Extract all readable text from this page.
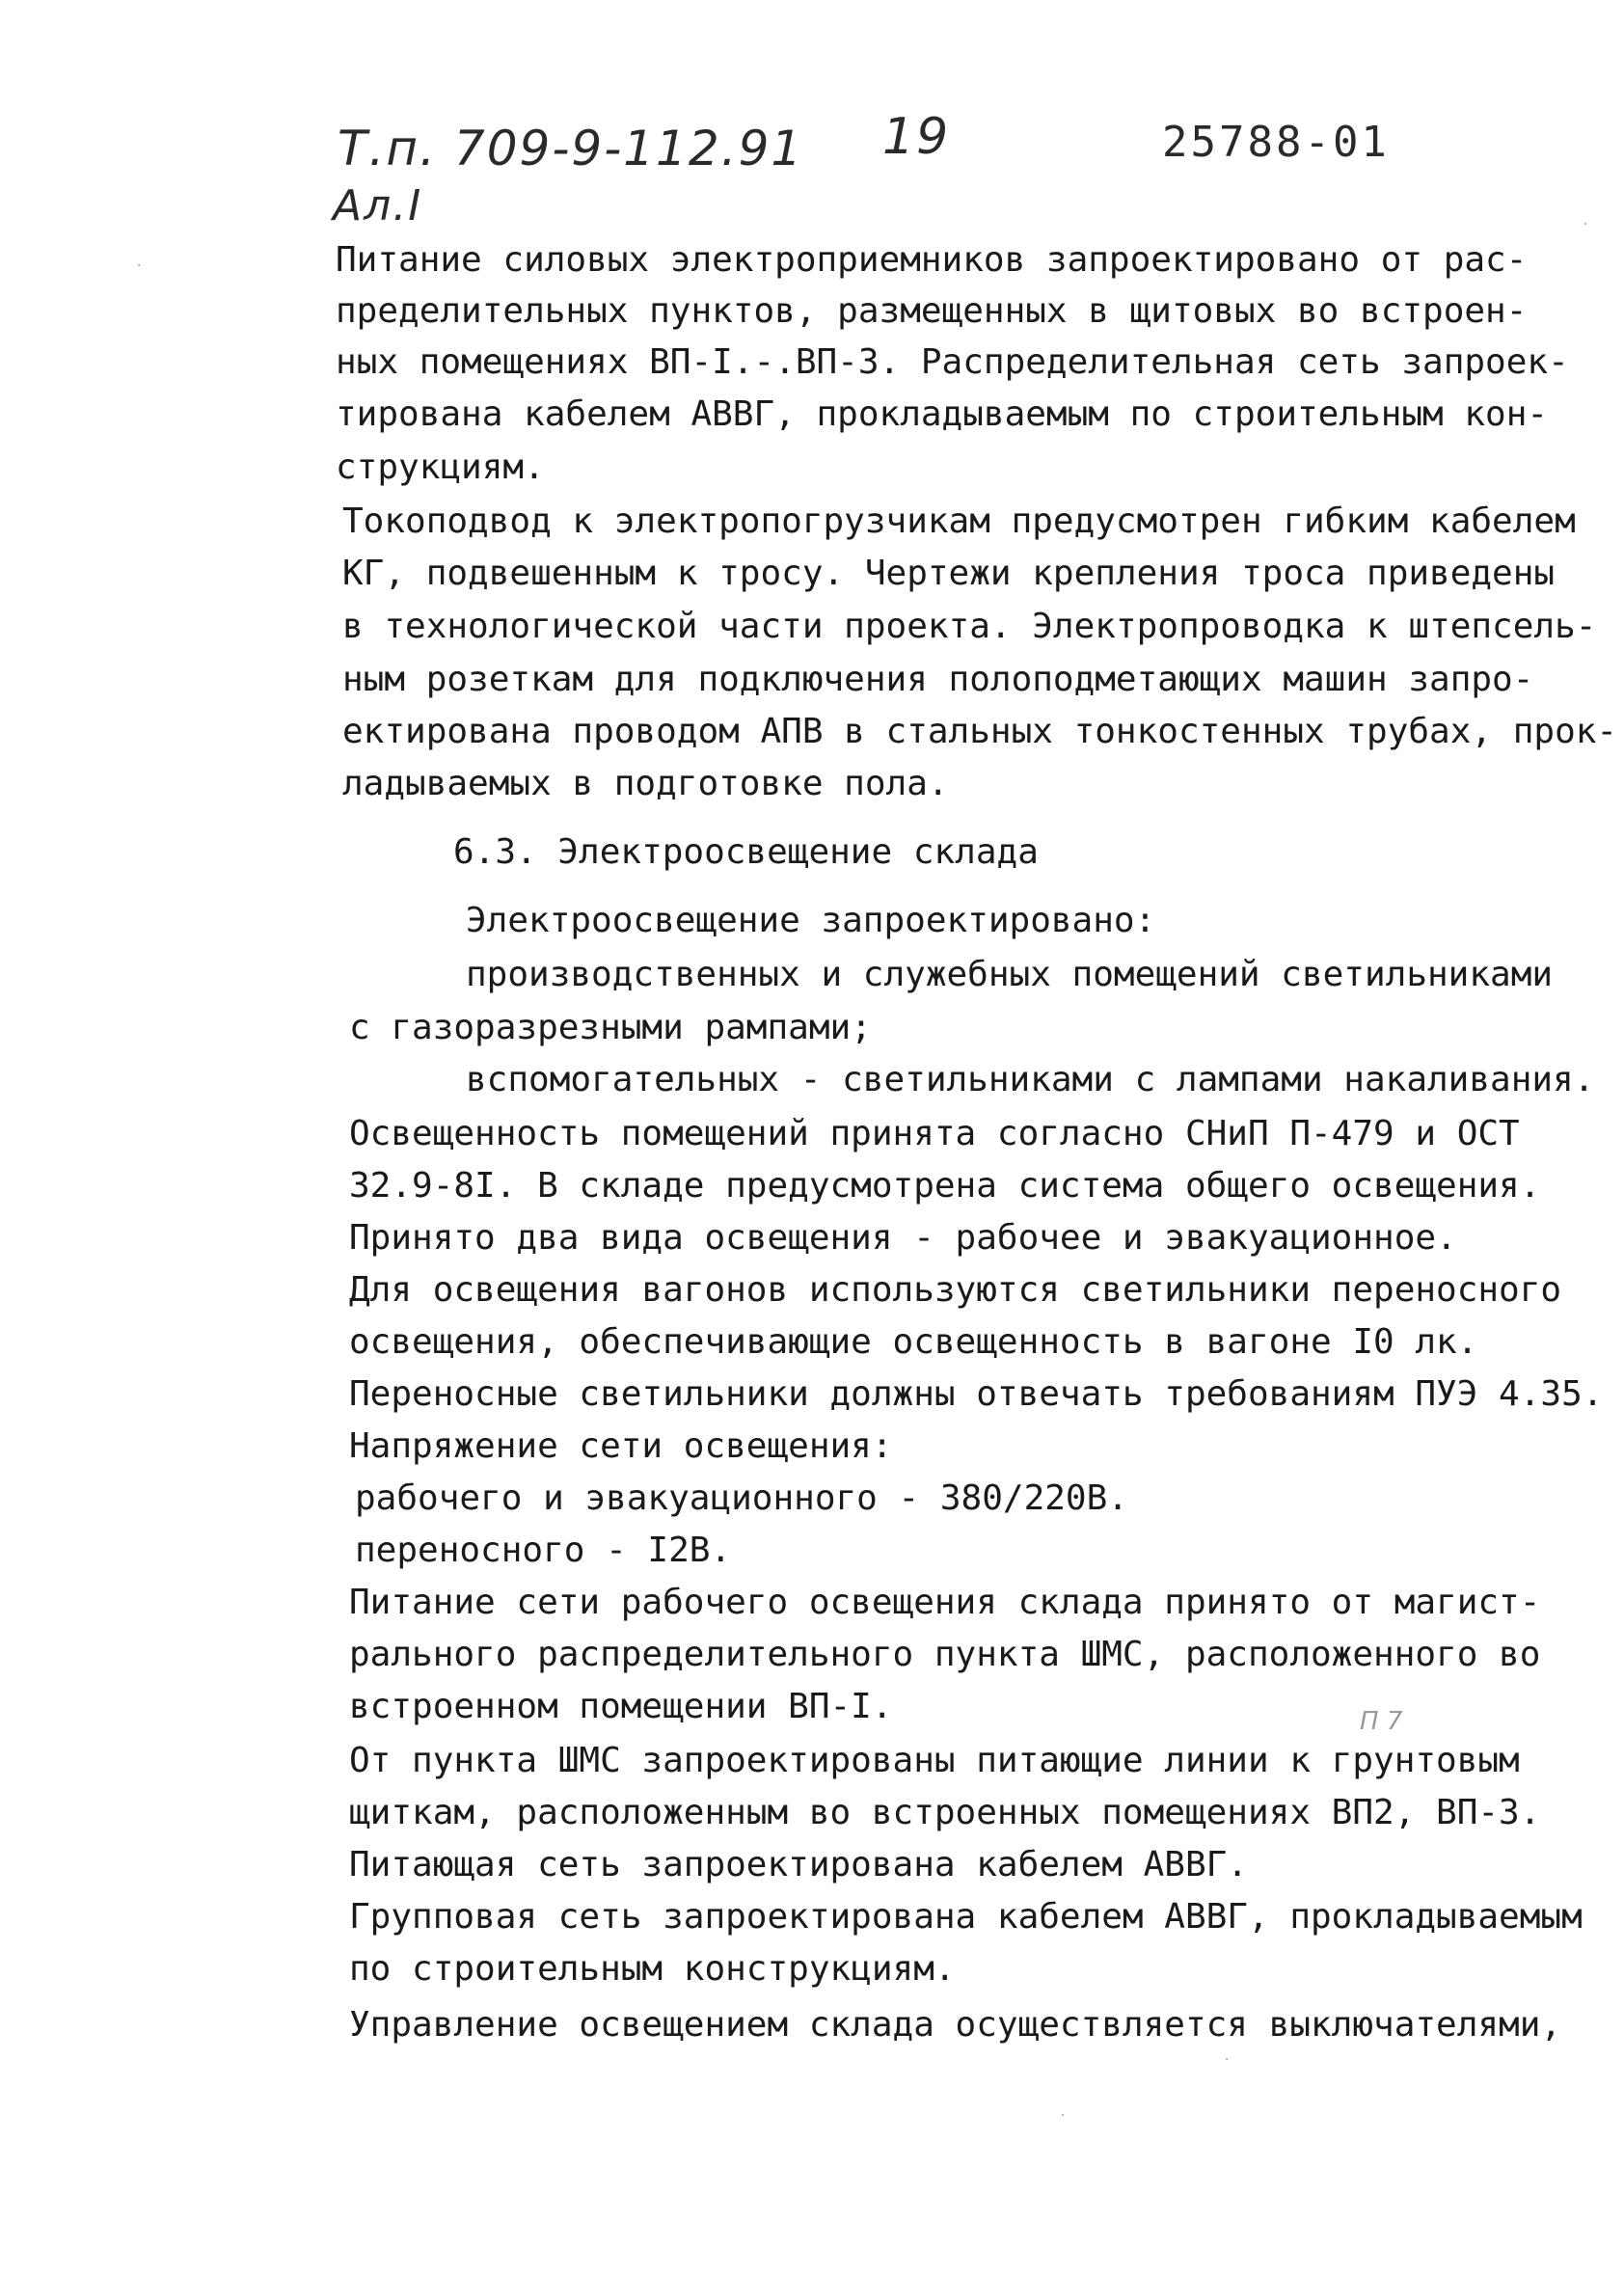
Т.п. 709-9-112.91 19	25788-01
Ал.I
Питание силовых электроприемников запроектировано от рас-
пределительных пунктов, размещенных в щитовых во встроен-
ных помещениях ВП-I.-.ВП-3. Распределительная сеть запроек-
тирована кабелем АВВГ, прокладываемым по строительным кон-
струкциям.
Токоподвод к электропогрузчикам предусмотрен гибким кабелем
КГ, подвешенным к тросу. Чертежи крепления троса приведены
в технологической части проекта. Электропроводка к штепсель-
ным розеткам для подключения полоподметающих машин запро-
ектирована проводом АПВ в стальных тонкостенных трубах, прок-
ладываемых в подготовке пола.
6.3. Электроосвещение склада
Электроосвещение запроектировано:
производственных и служебных помещений светильниками
с газоразрезными рампами;
вспомогательных - светильниками с лампами накаливания.
Освещенность помещений принята согласно СНиП П-479 и ОСТ
32.9-8I. В складе предусмотрена система общего освещения.
Принято два вида освещения - рабочее и эвакуационное.
Для освещения вагонов используются светильники переносного
освещения, обеспечивающие освещенность в вагоне I0 лк.
Переносные светильники должны отвечать требованиям ПУЭ 4.35.
Напряжение сети освещения:
рабочего и эвакуационного - 380/220В.
переносного - I2В.
Питание сети рабочего освещения склада принято от магист-
рального распределительного пункта ШМС, расположенного во
встроенном помещении ВП-I.
От пункта ШМС запроектированы питающие линии к грунтовым
щиткам, расположенным во встроенных помещениях ВП2, ВП-3.
Питающая сеть запроектирована кабелем АВВГ.
Групповая сеть запроектирована кабелем АВВГ, прокладываемым
по строительным конструкциям.
Управление освещением склада осуществляется выключателями,
П 7
·
·
·
·
